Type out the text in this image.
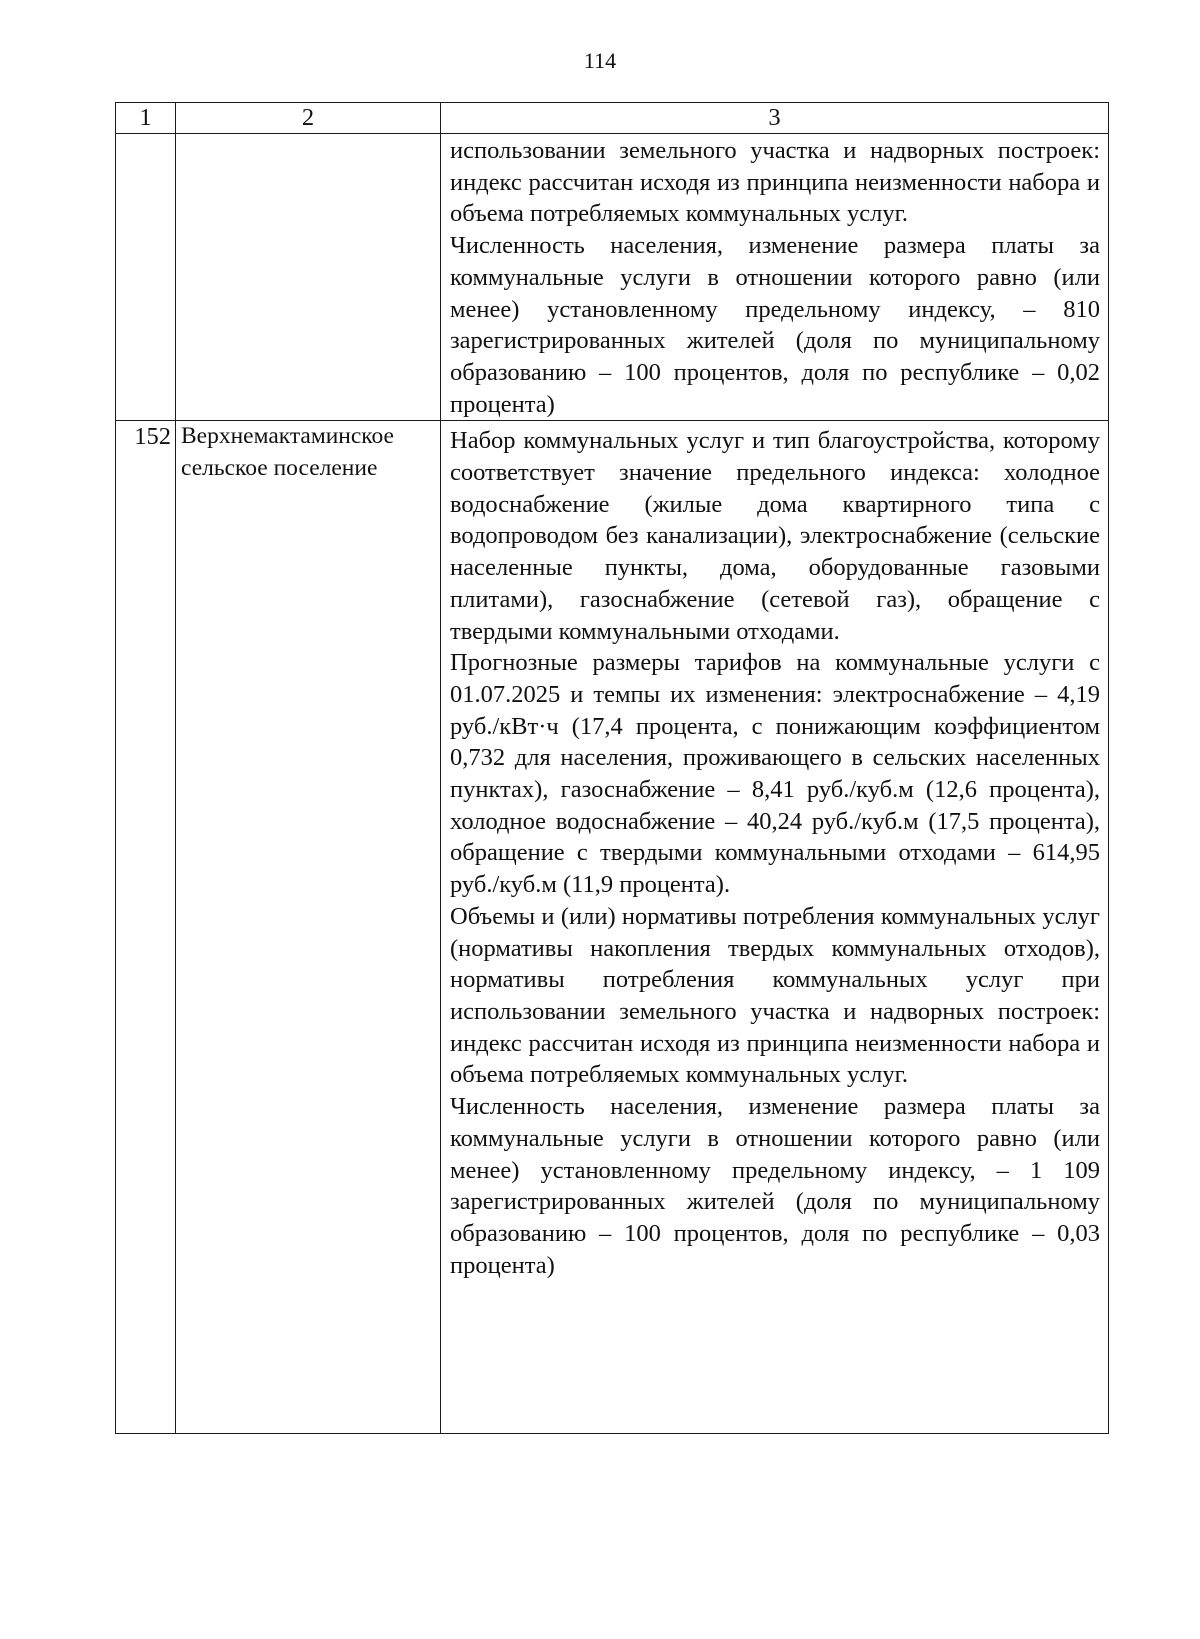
114
1	2	3

		использовании земельного участка и надворных построек: индекс рассчитан исходя из принципа неизменности набора и объема потребляемых коммунальных услуг.

Численность населения, изменение размера платы за коммунальные услуги в отношении которого равно (или менее) установленному предельному индексу, – 810 зарегистрированных жителей (доля по муниципальному образованию – 100 процентов, доля по республике – 0,02 процента)

152	Верхнемактаминское сельское поселение	Набор коммунальных услуг и тип благоустройства, которому соответствует значение предельного индекса: холодное водоснабжение (жилые дома квартирного типа с водопроводом без канализации), электроснабжение (сельские населенные пункты, дома, оборудованные газовыми плитами), газоснабжение (сетевой газ), обращение с твердыми коммунальными отходами.

Прогнозные размеры тарифов на коммунальные услуги с 01.07.2025 и темпы их изменения: электроснабжение – 4,19 руб./кВт·ч (17,4 процента, с понижающим коэффициентом 0,732 для населения, проживающего в сельских населенных пунктах), газоснабжение – 8,41 руб./куб.м (12,6 процента), холодное водоснабжение – 40,24 руб./куб.м (17,5 процента), обращение с твердыми коммунальными отходами – 614,95 руб./куб.м (11,9 процента).

Объемы и (или) нормативы потребления коммунальных услуг (нормативы накопления твердых коммунальных отходов), нормативы потребления коммунальных услуг при использовании земельного участка и надворных построек: индекс рассчитан исходя из принципа неизменности набора и объема потребляемых коммунальных услуг.

Численность населения, изменение размера платы за коммунальные услуги в отношении которого равно (или менее) установленному предельному индексу, – 1 109 зарегистрированных жителей (доля по муниципальному образованию – 100 процентов, доля по республике – 0,03 процента)
